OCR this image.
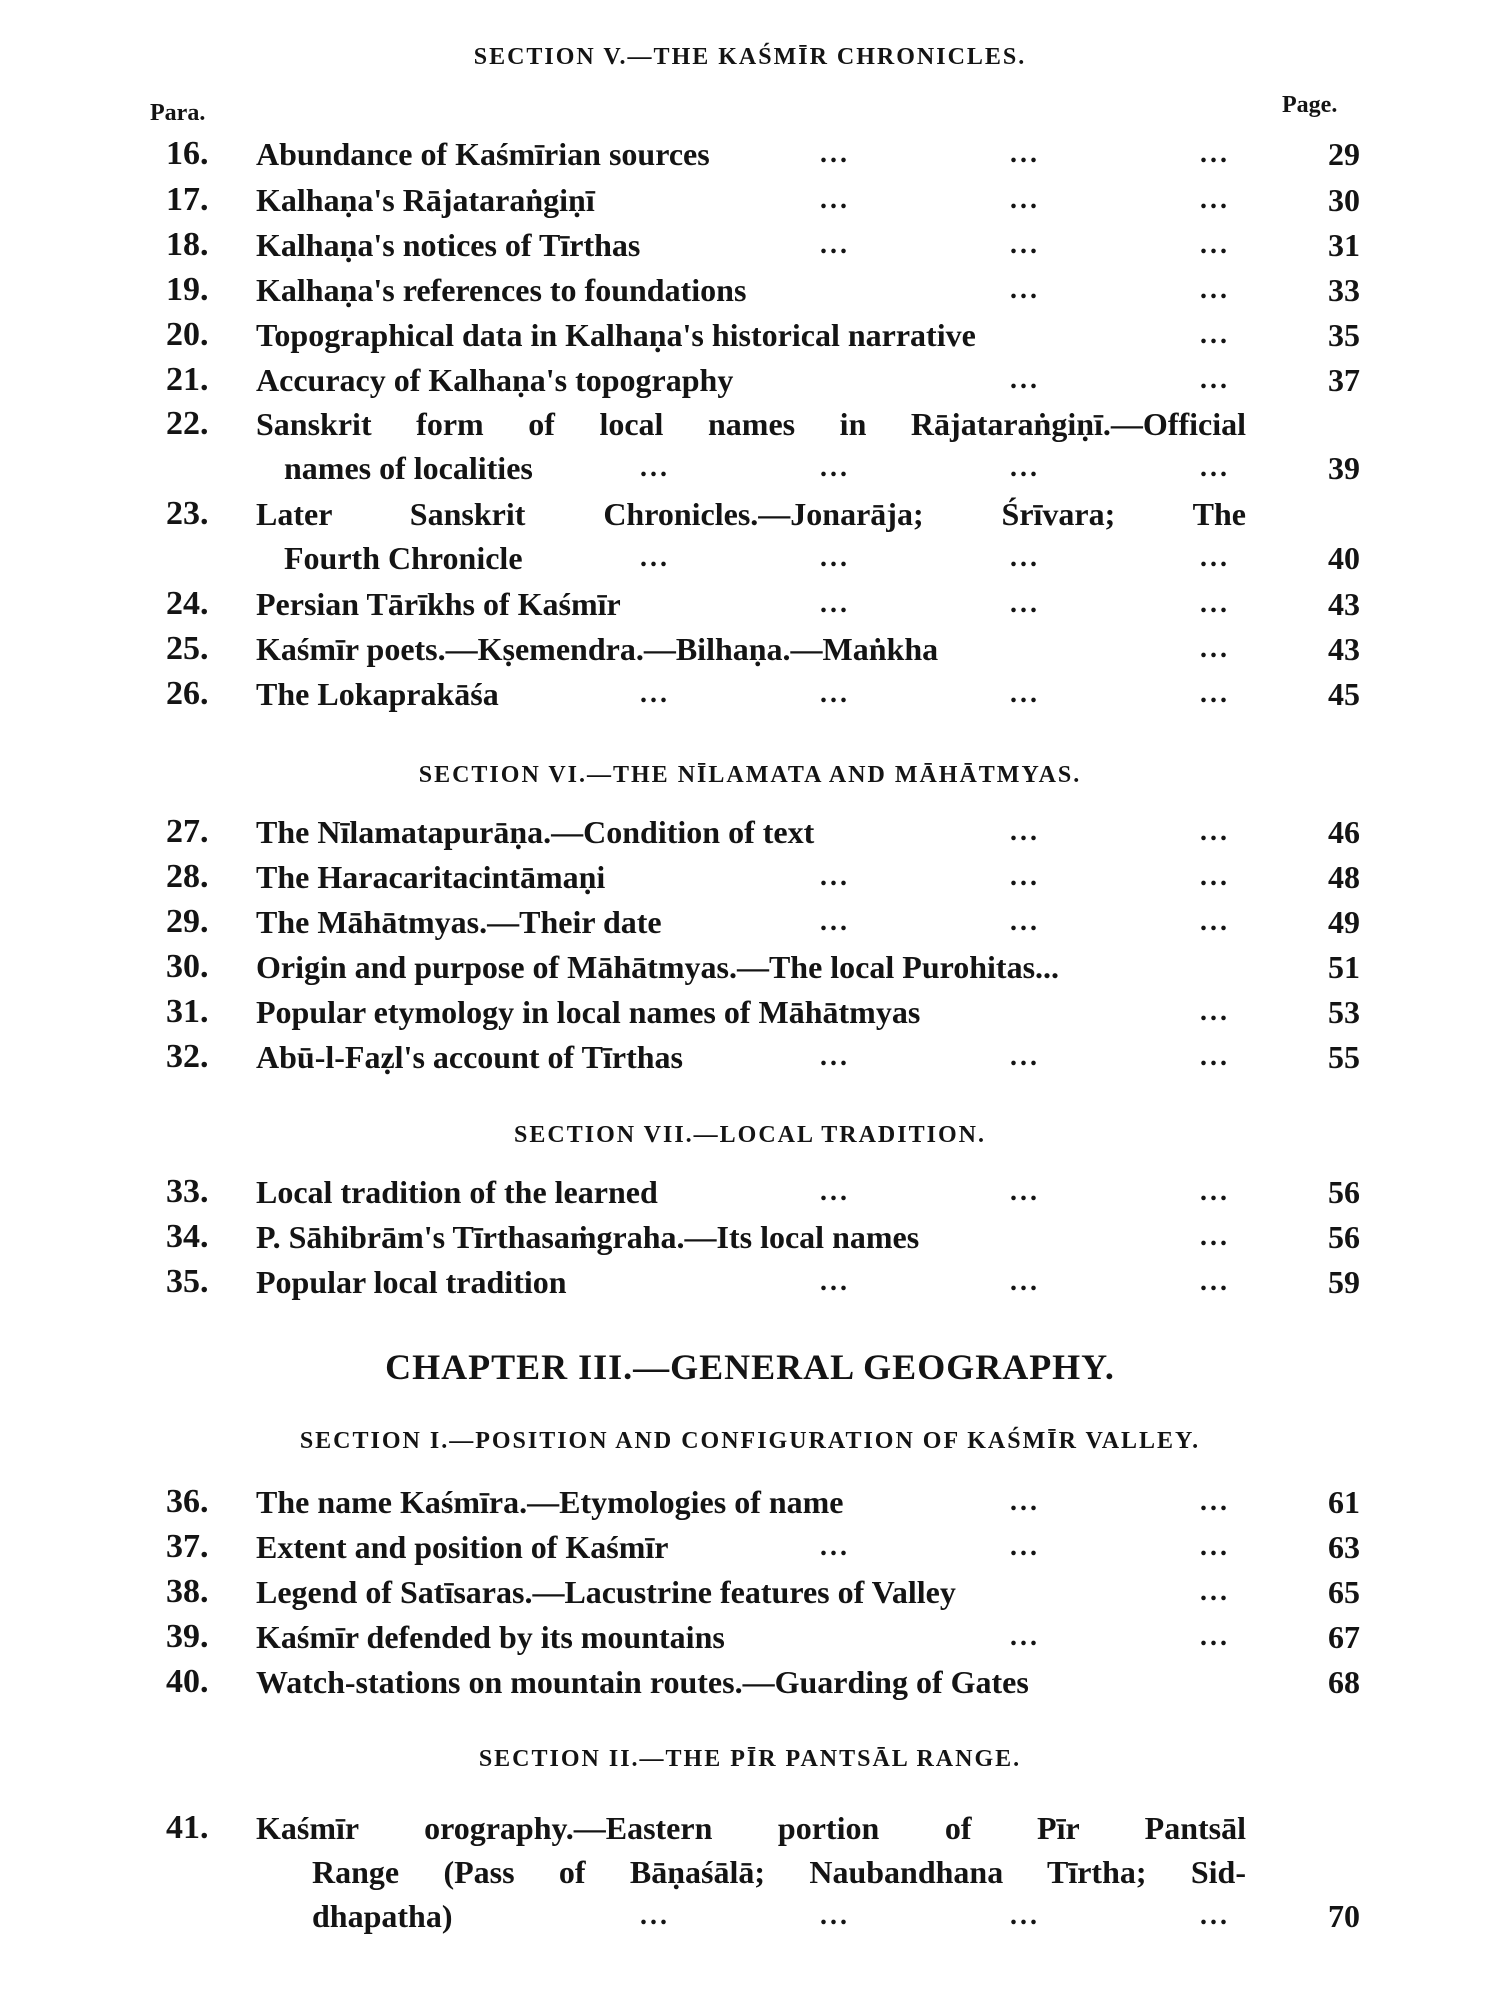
SECTION V.—THE KAŚMĪR CHRONICLES.
Para.	Page.
16.	Abundance of Kaśmīrian sources	...	...	...	29
17.	Kalhaṇa's Rājataraṅgiṇī	...	...	...	30
18.	Kalhaṇa's notices of Tīrthas	...	...	...	31
19.	Kalhaṇa's references to foundations	...	...	33
20.	Topographical data in Kalhaṇa's historical narrative	...	35
21.	Accuracy of Kalhaṇa's topography	...	...	37
22.	Sanskrit form of local names in Rājataraṅgiṇī.—Official
names of localities	...	...	...	...	39
23.	Later Sanskrit Chronicles.—Jonarāja; Śrīvara; The
Fourth Chronicle	...	...	...	...	40
24.	Persian Tārīkhs of Kaśmīr	...	...	...	43
25.	Kaśmīr poets.—Kṣemendra.—Bilhaṇa.—Maṅkha	...	43
26.	The Lokaprakāśa	...	...	...	...	45
SECTION VI.—THE NĪLAMATA AND MĀHĀTMYAS.
27.	The Nīlamatapurāṇa.—Condition of text	...	...	46
28.	The Haracaritacintāmaṇi	...	...	...	48
29.	The Māhātmyas.—Their date	...	...	...	49
30.	Origin and purpose of Māhātmyas.—The local Purohitas...	51
31.	Popular etymology in local names of Māhātmyas	...	53
32.	Abū-l-Faẓl's account of Tīrthas	...	...	...	55
SECTION VII.—LOCAL TRADITION.
33.	Local tradition of the learned	...	...	...	56
34.	P. Sāhibrām's Tīrthasaṁgraha.—Its local names	...	56
35.	Popular local tradition	...	...	...	59
CHAPTER III.—GENERAL GEOGRAPHY.
SECTION I.—POSITION AND CONFIGURATION OF KAŚMĪR VALLEY.
36.	The name Kaśmīra.—Etymologies of name	...	...	61
37.	Extent and position of Kaśmīr	...	...	...	63
38.	Legend of Satīsaras.—Lacustrine features of Valley	...	65
39.	Kaśmīr defended by its mountains	...	...	67
40.	Watch-stations on mountain routes.—Guarding of Gates	68
SECTION II.—THE PĪR PANTSĀL RANGE.
41.	Kaśmīr orography.—Eastern portion of Pīr Pantsāl
Range (Pass of Bāṇaśālā; Naubandhana Tīrtha; Sid-
dhapatha)	...	...	...	...	70
